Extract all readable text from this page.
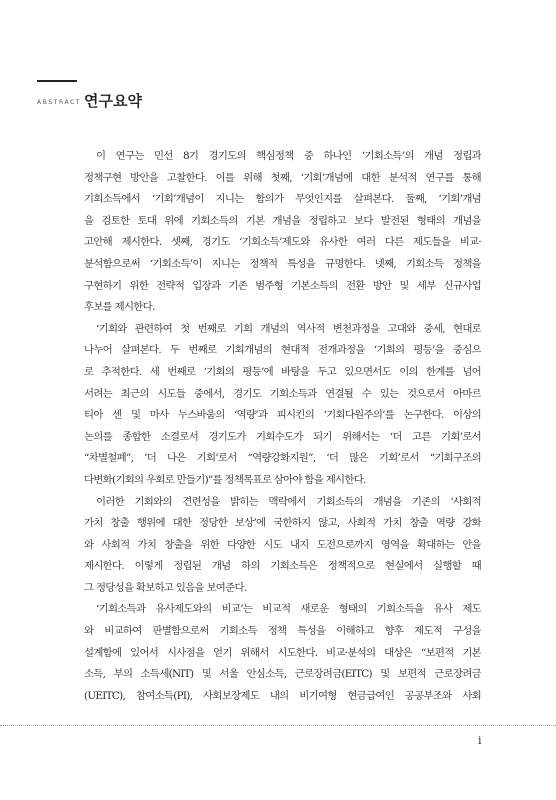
ABSTRACT 연구요약

이 연구는 민선 8기 경기도의 핵심정책 중 하나인 ‘기회소득’의 개념 정립과
정책구현 방안을 고찰한다. 이를 위해 첫째, ‘기회’개념에 대한 분석적 연구를 통해
기회소득에서 ‘기회’개념이 지니는 함의가 무엇인지를 살펴본다. 둘째, ‘기회’개념
을 검토한 토대 위에 기회소득의 기본 개념을 정립하고 보다 발전된 형태의 개념을
고안해 제시한다. 셋째, 경기도 ‘기회소득’제도와 유사한 여러 다른 제도들을 비교·
분석함으로써 ‘기회소득’이 지니는 정책적 특성을 규명한다. 넷째, 기회소득 정책을
구현하기 위한 전략적 입장과 기존 범주형 기본소득의 전환 방안 및 세부 신규사업
후보를 제시한다.

‘기회와 관련하여 첫 번째로 기회 개념의 역사적 변천과정을 고대와 중세, 현대로
나누어 살펴본다. 두 번째로 기회개념의 현대적 전개과정을 ‘기회의 평등’을 중심으
로 추적한다. 세 번째로 ‘기회의 평등’에 바탕을 두고 있으면서도 이의 한계를 넘어
서려는 최근의 시도들 중에서, 경기도 기회소득과 연결될 수 있는 것으로서 아마르
티아 센 및 마사 누스바움의 ‘역량’과 피시킨의 ‘기회다원주의’를 논구한다. 이상의
논의를 종합한 소결로서 경기도가 기회수도가 되기 위해서는 ‘더 고른 기회’로서
“차별철폐”, ‘더 나은 기회’로서 “역량강화지원”, ‘더 많은 기회’로서 “기회구조의
다변화(기회의 우회로 만들기)”를 정책목표로 삼아야 함을 제시한다.

이러한 기회와의 견련성을 밝히는 맥락에서 기회소득의 개념을 기존의 ‘사회적
가치 창출 행위에 대한 정당한 보상’에 국한하지 않고, 사회적 가치 창출 역량 강화
와 사회적 가치 창출을 위한 다양한 시도 내지 도전으로까지 영역을 확대하는 안을
제시한다. 이렇게 정립된 개념 하의 기회소득은 정책적으로 현실에서 실행할 때
그 정당성을 확보하고 있음을 보여준다.

‘기회소득과 유사제도와의 비교’는 비교적 새로운 형태의 기회소득을 유사 제도
와 비교하여 판별함으로써 기회소득 정책 특성을 이해하고 향후 제도적 구성을
설계함에 있어서 시사점을 얻기 위해서 시도한다. 비교·분석의 대상은 “보편적 기본
소득, 부의 소득세(NIT) 및 서울 안심소득, 근로장려금(EITC) 및 보편적 근로장려금
(UEITC), 참여소득(PI), 사회보장제도 내의 비기여형 현금급여인 공공부조와 사회

i
